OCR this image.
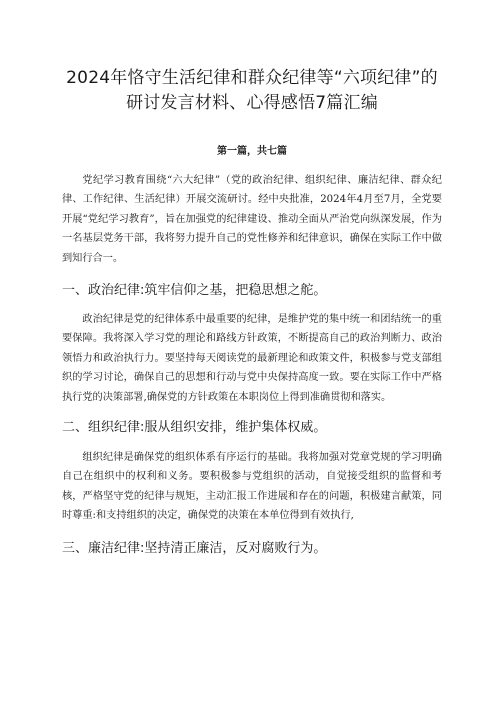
2024年恪守生活纪律和群众纪律等“六项纪律”的
研讨发言材料、心得感悟7篇汇编
第一篇，共七篇

党纪学习教育围绕“六大纪律”（党的政治纪律、组织纪律、廉洁纪律、群众纪律、工作纪律、生活纪律）开展交流研讨。经中央批准，2024年4月至7月，全党要开展“党纪学习教育”，旨在加强党的纪律建设、推动全面从严治党向纵深发展，作为一名基层党务干部，我将努力提升自己的党性修养和纪律意识，确保在实际工作中做到知行合一。

一、政治纪律:筑牢信仰之基，把稳思想之舵。

政治纪律是党的纪律体系中最重要的纪律，是维护党的集中统一和团结统一的重要保障。我将深入学习党的理论和路线方针政策，不断提高自己的政治判断力、政治领悟力和政治执行力。要坚持每天阅读党的最新理论和政策文件，积极参与党支部组织的学习讨论，确保自己的思想和行动与党中央保持高度一致。要在实际工作中严格执行党的决策部署,确保党的方针政策在本职岗位上得到准确贯彻和落实。

二、组织纪律:服从组织安排，维护集体权威。

组织纪律是确保党的组织体系有序运行的基础。我将加强对党章党规的学习明确自己在组织中的权利和义务。要积极参与党组织的活动，自觉接受组织的监督和考核，严格坚守党的纪律与规矩，主动汇报工作进展和存在的问题，积极建言献策，同时尊重:和支持组织的决定，确保党的决策在本单位得到有效执行,

三、廉洁纪律:坚持清正廉洁，反对腐败行为。
